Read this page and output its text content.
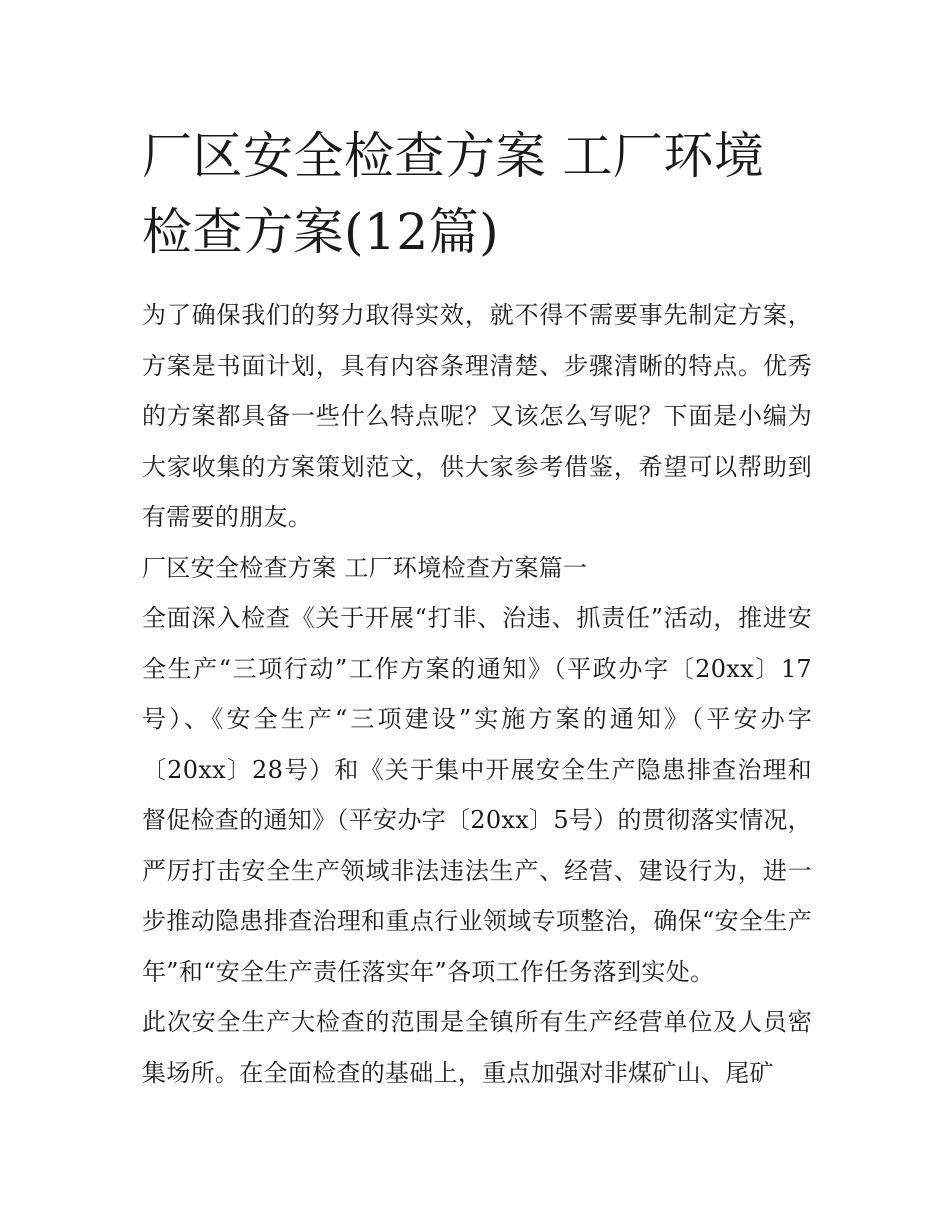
厂区安全检查方案 工厂环境检查方案(12篇)

为了确保我们的努力取得实效，就不得不需要事先制定方案，方案是书面计划，具有内容条理清楚、步骤清晰的特点。优秀的方案都具备一些什么特点呢？又该怎么写呢？下面是小编为大家收集的方案策划范文，供大家参考借鉴，希望可以帮助到有需要的朋友。

厂区安全检查方案 工厂环境检查方案篇一

全面深入检查《关于开展“打非、治违、抓责任”活动，推进安全生产“三项行动”工作方案的通知》（平政办字〔20xx〕17号）、《安全生产“三项建设”实施方案的通知》（平安办字〔20xx〕28号）和《关于集中开展安全生产隐患排查治理和督促检查的通知》（平安办字〔20xx〕5号）的贯彻落实情况，严厉打击安全生产领域非法违法生产、经营、建设行为，进一步推动隐患排查治理和重点行业领域专项整治，确保“安全生产年”和“安全生产责任落实年”各项工作任务落到实处。

此次安全生产大检查的范围是全镇所有生产经营单位及人员密集场所。在全面检查的基础上，重点加强对非煤矿山、尾矿
